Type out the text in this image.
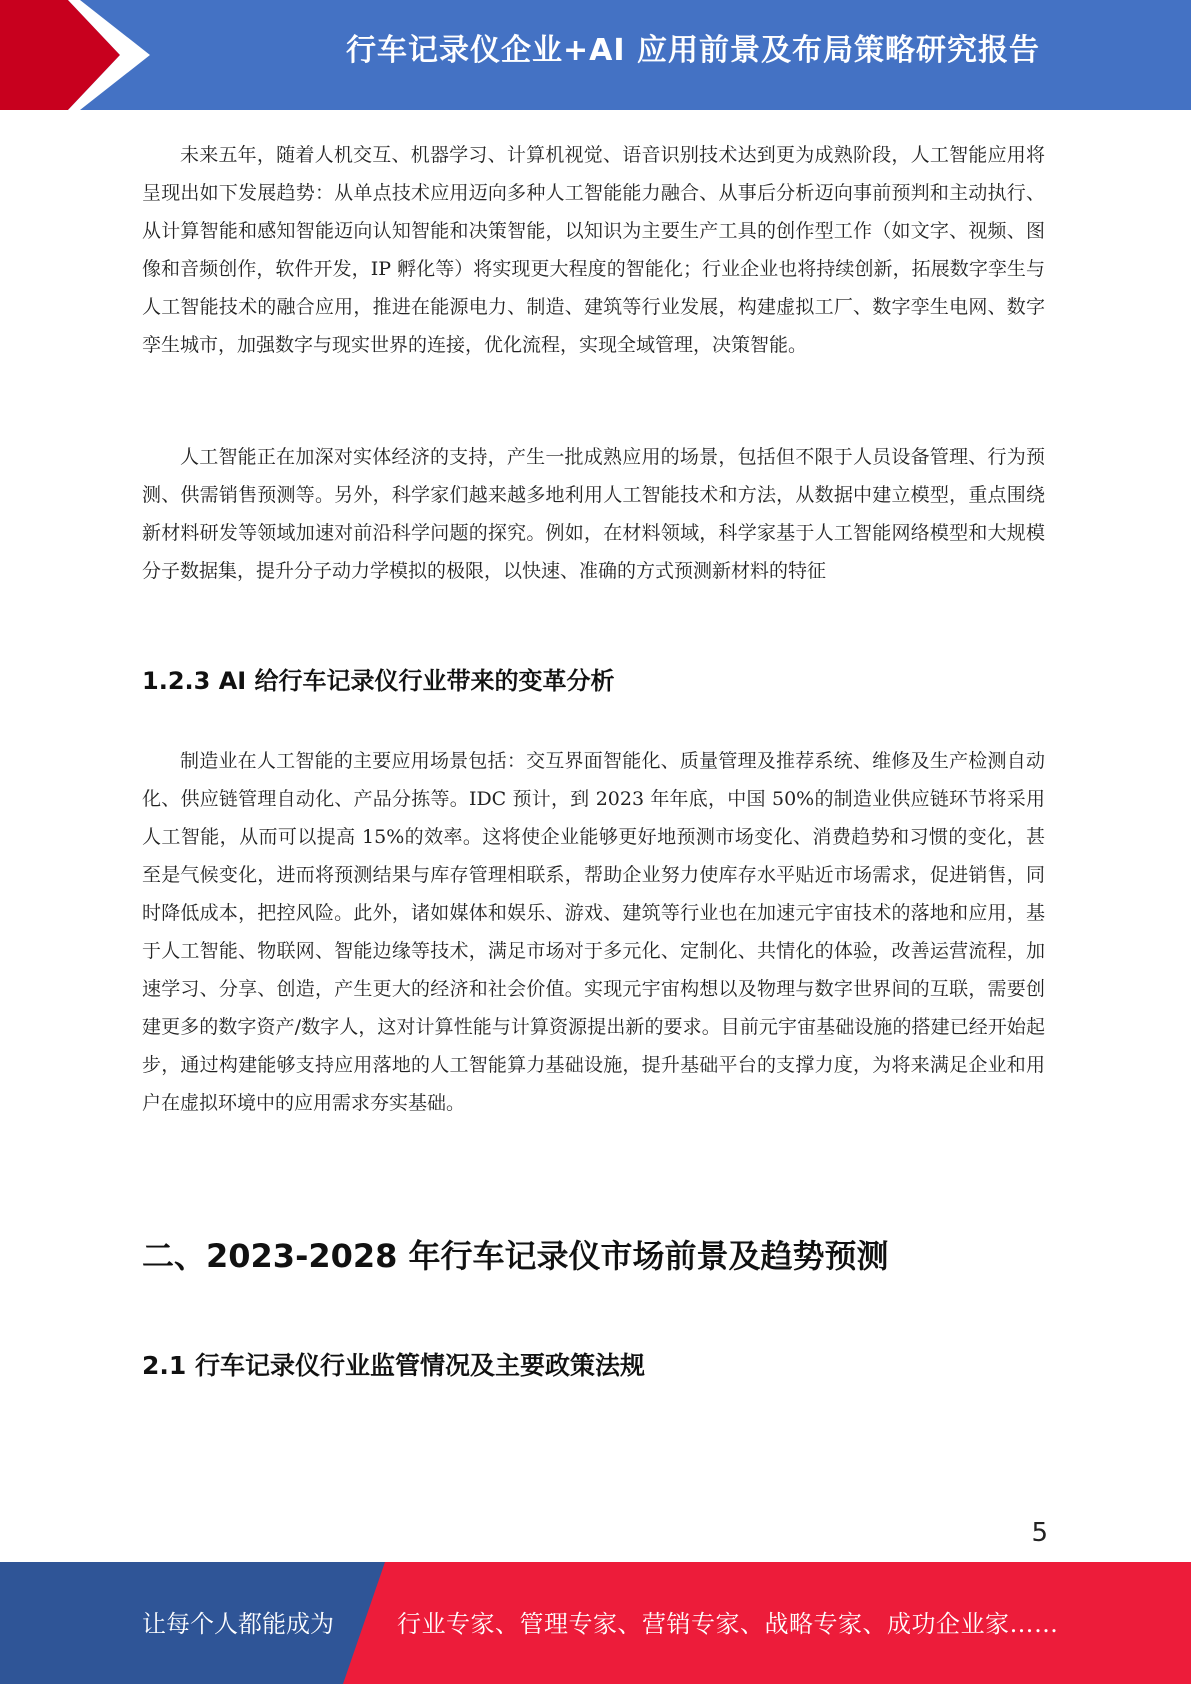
行车记录仪企业+AI 应用前景及布局策略研究报告

未来五年，随着人机交互、机器学习、计算机视觉、语音识别技术达到更为成熟阶段，人工智能应用将呈现出如下发展趋势：从单点技术应用迈向多种人工智能能力融合、从事后分析迈向事前预判和主动执行、从计算智能和感知智能迈向认知智能和决策智能，以知识为主要生产工具的创作型工作（如文字、视频、图像和音频创作，软件开发，IP 孵化等）将实现更大程度的智能化；行业企业也将持续创新，拓展数字孪生与人工智能技术的融合应用，推进在能源电力、制造、建筑等行业发展，构建虚拟工厂、数字孪生电网、数字孪生城市，加强数字与现实世界的连接，优化流程，实现全域管理，决策智能。

人工智能正在加深对实体经济的支持，产生一批成熟应用的场景，包括但不限于人员设备管理、行为预测、供需销售预测等。另外，科学家们越来越多地利用人工智能技术和方法，从数据中建立模型，重点围绕新材料研发等领域加速对前沿科学问题的探究。例如，在材料领域，科学家基于人工智能网络模型和大规模分子数据集，提升分子动力学模拟的极限，以快速、准确的方式预测新材料的特征

1.2.3 AI 给行车记录仪行业带来的变革分析

制造业在人工智能的主要应用场景包括：交互界面智能化、质量管理及推荐系统、维修及生产检测自动化、供应链管理自动化、产品分拣等。IDC 预计，到 2023 年年底，中国 50%的制造业供应链环节将采用人工智能，从而可以提高 15%的效率。这将使企业能够更好地预测市场变化、消费趋势和习惯的变化，甚至是气候变化，进而将预测结果与库存管理相联系，帮助企业努力使库存水平贴近市场需求，促进销售，同时降低成本，把控风险。此外，诸如媒体和娱乐、游戏、建筑等行业也在加速元宇宙技术的落地和应用，基于人工智能、物联网、智能边缘等技术，满足市场对于多元化、定制化、共情化的体验，改善运营流程，加速学习、分享、创造，产生更大的经济和社会价值。实现元宇宙构想以及物理与数字世界间的互联，需要创建更多的数字资产/数字人，这对计算性能与计算资源提出新的要求。目前元宇宙基础设施的搭建已经开始起步，通过构建能够支持应用落地的人工智能算力基础设施，提升基础平台的支撑力度，为将来满足企业和用户在虚拟环境中的应用需求夯实基础。

二、2023-2028 年行车记录仪市场前景及趋势预测
2.1 行车记录仪行业监管情况及主要政策法规
5
让每个人都能成为	行业专家、管理专家、营销专家、战略专家、成功企业家……
